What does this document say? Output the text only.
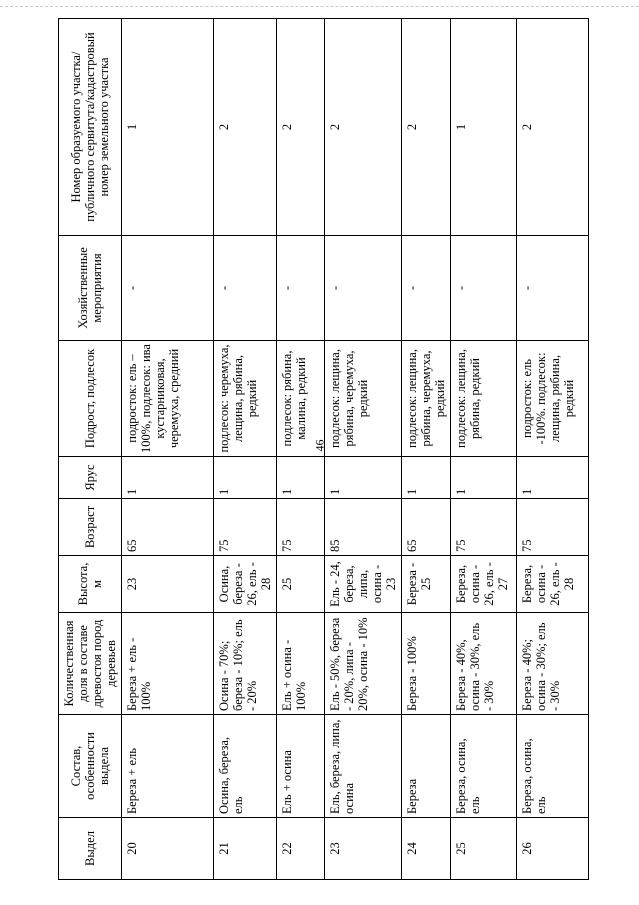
46
Выдел	Состав, особенности выдела	Количественная доля в составе древостоя пород деревьев	Высота, м	Возраст	Ярус	Подрост, подлесок	Хозяйственные мероприятия	Номер образуемого участка/публичного сервитута/кадастровый номер земельного участка
20	Береза + ель	Береза + ель - 100%	23	65	1	подросток: ель – 100%, подлесок: ива кустарниковая, черемуха, средний	-	1
21	Осина, береза, ель	Осина - 70%; береза - 10%; ель - 20%	Осина, береза - 26, ель - 28	75	1	подлесок: черемуха, лещина, рябина, редкий	-	2
22	Ель + осина	Ель + осина - 100%	25	75	1	подлесок: рябина, малина, редкий	-	2
23	Ель, береза, липа, осина	Ель - 50%, береза - 20%, липа - 20%, осина - 10%	Ель - 24, береза, липа, осина - 23	85	1	подлесок: лещина, рябина, черемуха, редкий	-	2
24	Береза	Береза - 100%	Береза - 25	65	1	подлесок: лещина, рябина, черемуха, редкий	-	2
25	Береза, осина, ель	Береза - 40%, осина - 30%, ель - 30%	Береза, осина - 26, ель - 27	75	1	подлесок: лещина, рябина, редкий	-	1
26	Береза, осина, ель	Береза - 40%; осина - 30%; ель - 30%	Береза, осина - 26, ель - 28	75	1	подросток: ель -100%. подлесок: лещина, рябина, редкий	-	2
